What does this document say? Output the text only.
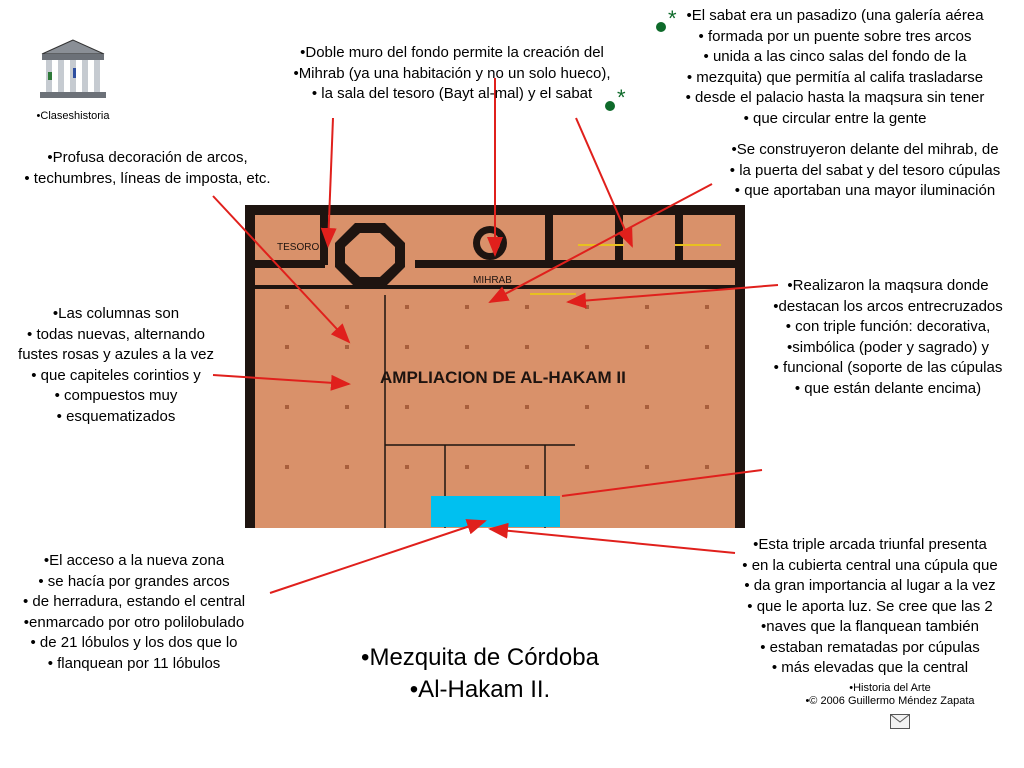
•Claseshistoria
TESORO
MIHRAB
AMPLIACION DE AL-HAKAM II
*
*
•Doble muro del fondo permite la creación del
•Mihrab (ya una habitación y no un solo hueco),
• la sala del tesoro (Bayt al-mal) y el sabat
•El sabat era un pasadizo (una galería aérea
• formada por un puente sobre tres arcos
• unida a las cinco salas del fondo de la
• mezquita) que permitía al califa trasladarse
• desde el palacio hasta la maqsura sin tener
• que circular entre la gente
•Profusa decoración de arcos,
• techumbres, líneas de imposta, etc.
•Se construyeron delante del mihrab, de
• la puerta del sabat y del tesoro cúpulas
• que aportaban una mayor iluminación
•Las columnas son
• todas nuevas, alternando
fustes rosas y azules a la vez
• que capiteles corintios y
• compuestos muy
• esquematizados
•Realizaron la maqsura donde
•destacan los arcos entrecruzados
• con triple función: decorativa,
•simbólica (poder y sagrado) y
• funcional (soporte de las cúpulas
• que están delante encima)
•El acceso a la nueva zona
• se hacía por grandes arcos
• de herradura, estando el central
•enmarcado por otro polilobulado
• de 21 lóbulos y los dos que lo
• flanquean por 11 lóbulos
•Esta triple arcada triunfal presenta
• en la cubierta central una cúpula que
• da gran importancia al lugar a la vez
• que le aporta luz. Se cree que las 2
•naves que la flanquean también
• estaban rematadas por cúpulas
• más elevadas que la central
•Mezquita de Córdoba
•Al-Hakam II.	•Historia del Arte
•© 2006 Guillermo Méndez Zapata
